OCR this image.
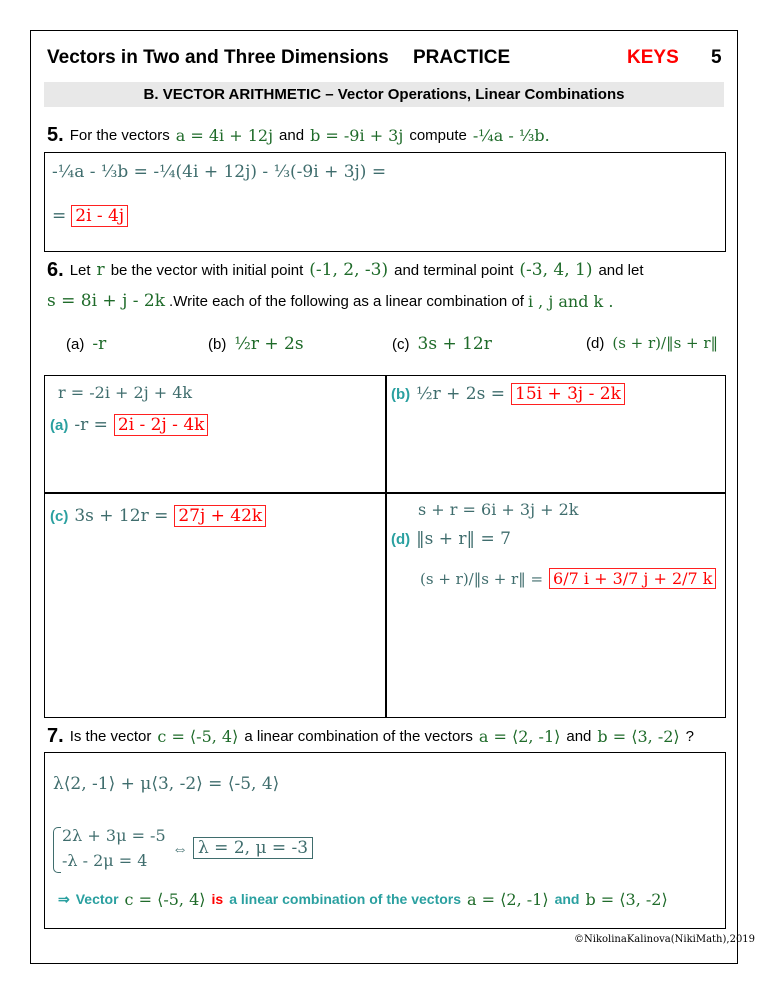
Vectors in Two and Three Dimensions PRACTICE	KEYS 5
B. VECTOR ARITHMETIC – Vector Operations, Linear Combinations
5. For the vectors a = 4i + 12j and b = -9i + 3j compute -¼a - ⅓b.
-¼a - ⅓b = -¼(4i + 12j) - ⅓(-9i + 3j) =
= 2i - 4j
6. Let r be the vector with initial point (-1, 2, -3) and terminal point (-3, 4, 1) and let
s = 8i + j - 2k .Write each of the following as a linear combination of i , j and k .
(a) -r	(b) ½r + 2s	(c) 3s + 12r	(d) (s + r)/‖s + r‖
r = -2i + 2j + 4k
(a) -r = 2i - 2j - 4k
(b) ½r + 2s = 15i + 3j - 2k
(c) 3s + 12r = 27j + 42k	s + r = 6i + 3j + 2k
(d) ‖s + r‖ = 7
(s + r)/‖s + r‖ = 6/7 i + 3/7 j + 2/7 k
7. Is the vector c = ⟨-5, 4⟩ a linear combination of the vectors a = ⟨2, -1⟩ and b = ⟨3, -2⟩ ?
λ⟨2, -1⟩ + μ⟨3, -2⟩ = ⟨-5, 4⟩
2λ + 3μ = -5
-λ - 2μ = 4
⇔ λ = 2, μ = -3
⇒ Vector c = ⟨-5, 4⟩ is a linear combination of the vectors a = ⟨2, -1⟩ and b = ⟨3, -2⟩
©NikolinaKalinova(NikiMath),2019
